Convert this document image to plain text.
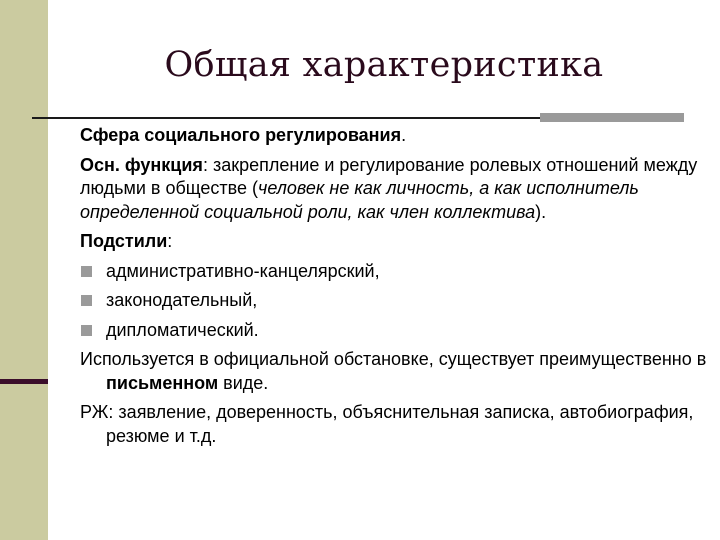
Общая характеристика

Сфера социального регулирования.

Осн. функция: закрепление и регулирование ролевых отношений между людьми в обществе (человек не как личность, а как исполнитель определенной социальной роли, как член коллектива).

Подстили:

административно-канцелярский,
законодательный,
дипломатический.

Используется в официальной обстановке, существует преимущественно в письменном виде.

РЖ: заявление, доверенность, объяснительная записка, автобиография, резюме и т.д.
